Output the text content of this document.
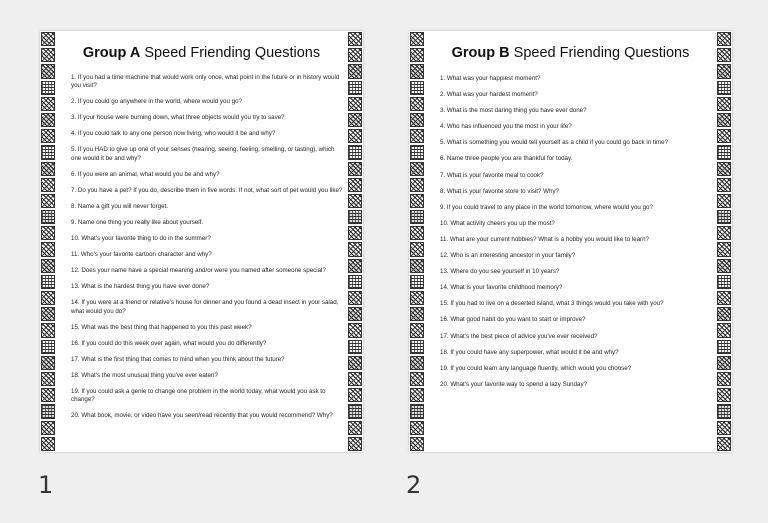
Group A Speed Friending Questions
1. If you had a time machine that would work only once, what point in the future or in history would you visit?
2. If you could go anywhere in the world, where would you go?
3. If your house were burning down, what three objects would you try to save?
4. If you could talk to any one person now living, who would it be and why?
5. If you HAD to give up one of your senses (hearing, seeing, feeling, smelling, or tasting), which one would it be and why?
6. If you were an animal, what would you be and why?
7. Do you have a pet? If you do, describe them in five words. If not, what sort of pet would you like?
8. Name a gift you will never forget.
9. Name one thing you really like about yourself.
10. What's your favorite thing to do in the summer?
11. Who's your favorite cartoon character and why?
12. Does your name have a special meaning and/or were you named after someone special?
13. What is the hardest thing you have ever done?
14. If you were at a friend or relative's house for dinner and you found a dead insect in your salad, what would you do?
15. What was the best thing that happened to you this past week?
16. If you could do this week over again, what would you do differently?
17. What is the first thing that comes to mind when you think about the future?
18. What's the most unusual thing you've ever eaten?
19. If you could ask a genie to change one problem in the world today, what would you ask to change?
20. What book, movie, or video have you seen/read recently that you would recommend? Why?
Group B Speed Friending Questions
1. What was your happiest moment?
2. What was your hardest moment?
3. What is the most daring thing you have ever done?
4. Who has influenced you the most in your life?
5. What is something you would tell yourself as a child if you could go back in time?
6. Name three people you are thankful for today.
7. What is your favorite meal to cook?
8. What is your favorite store to visit? Why?
9. If you could travel to any place in the world tomorrow, where would you go?
10. What activity cheers you up the most?
11. What are your current hobbies? What is a hobby you would like to learn?
12. Who is an interesting ancestor in your family?
13. Where do you see yourself in 10 years?
14. What is your favorite childhood memory?
15. If you had to live on a deserted island, what 3 things would you take with you?
16. What good habit do you want to start or improve?
17. What's the best piece of advice you've ever received?
18. If you could have any superpower, what would it be and why?
19. If you could learn any language fluently, which would you choose?
20. What's your favorite way to spend a lazy Sunday?
1	2
